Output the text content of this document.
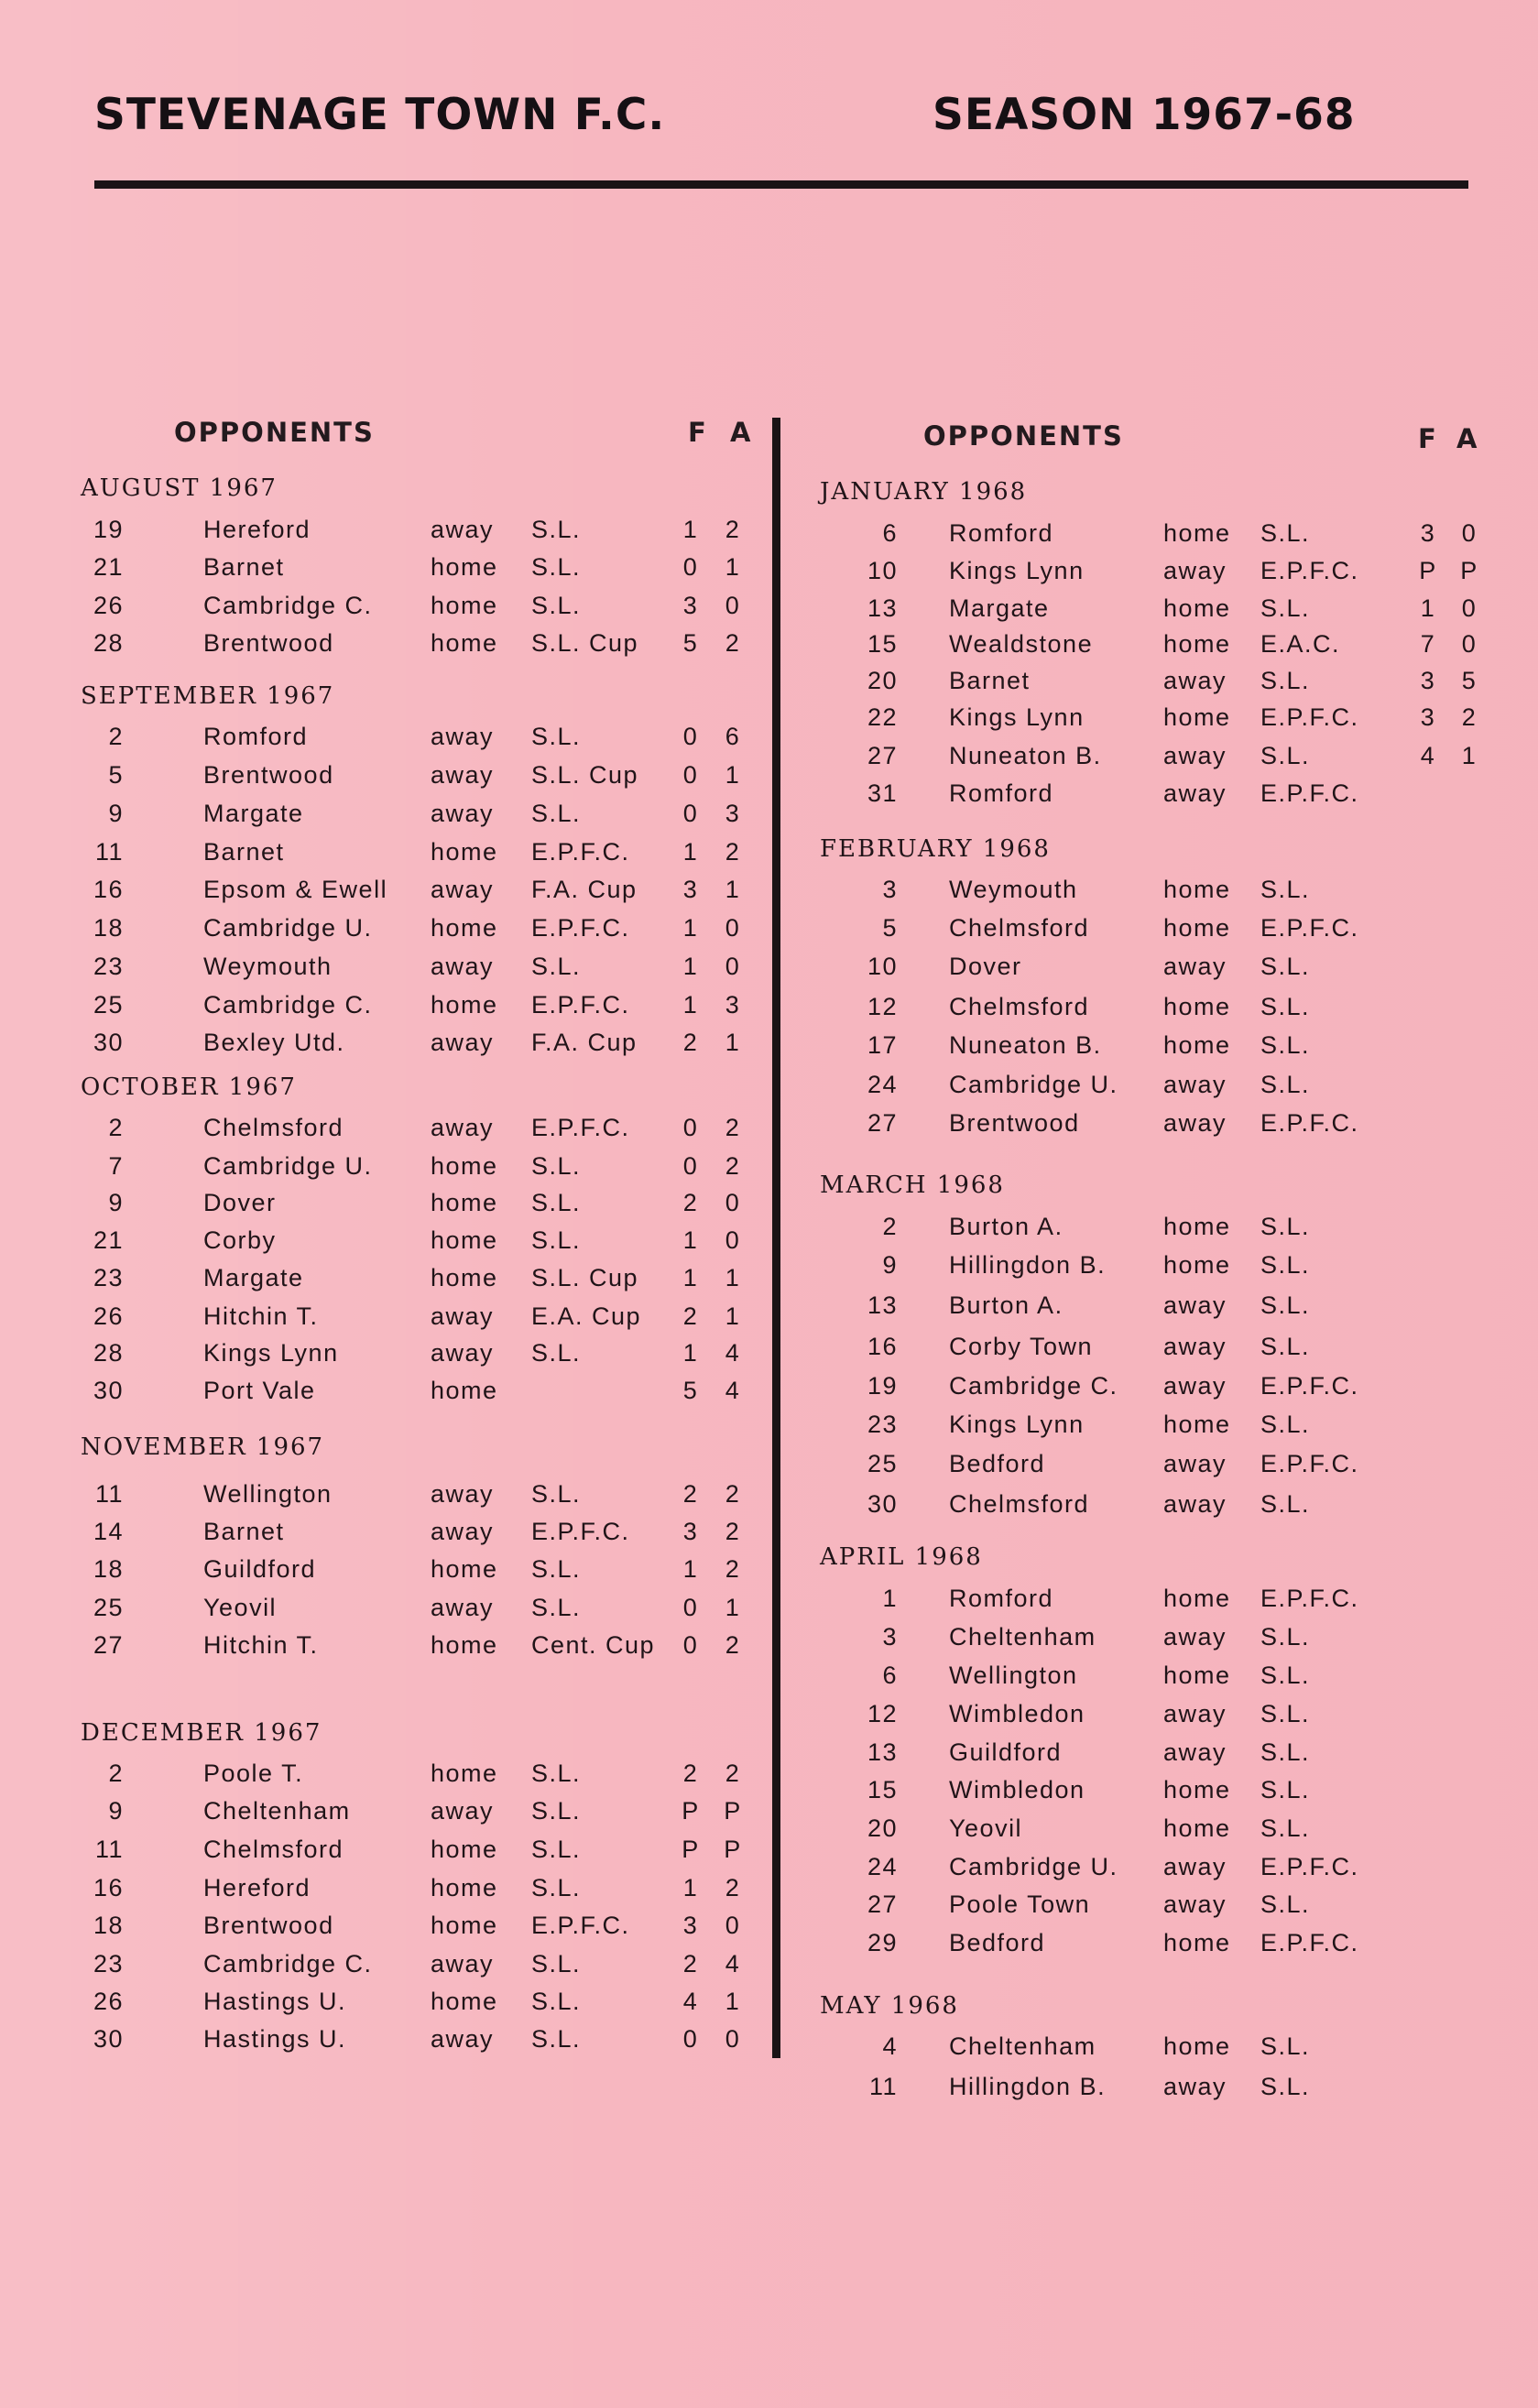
STEVENAGE TOWN F.C.	SEASON 1967-68
OPPONENTS	F A	OPPONENTS	F A
AUGUST 1967
19	Hereford	away S.L.	1 2
21	Barnet	home S.L.	0 1
26	Cambridge C. home S.L.	3 0
28	Brentwood	home S.L. Cup 5 2
SEPTEMBER 1967
2	Romford	away S.L.	0 6
5	Brentwood	away S.L. Cup 0 1
9	Margate	away S.L.	0 3
11	Barnet	home E.P.F.C. 1 2
16	Epsom & Ewell away F.A. Cup 3 1
18	Cambridge U. home E.P.F.C. 1 0
23	Weymouth	away S.L.	1 0
25	Cambridge C. home E.P.F.C. 1 3
30	Bexley Utd.	away F.A. Cup 2 1
OCTOBER 1967
2	Chelmsford	away E.P.F.C. 0 2
7	Cambridge U. home S.L.	0 2
9	Dover	home S.L.	2 0
21	Corby	home S.L.	1 0
23	Margate	home S.L. Cup 1 1
26	Hitchin T.	away E.A. Cup 2 1
28	Kings Lynn	away S.L.	1 4
30	Port Vale	home	5 4
NOVEMBER 1967
11	Wellington	away S.L.	2 2
14	Barnet	away E.P.F.C. 3 2
18	Guildford	home S.L.	1 2
25	Yeovil	away S.L.	0 1
27	Hitchin T.	home Cent. Cup 0 2
DECEMBER 1967
2	Poole T.	home S.L.	2 2
9	Cheltenham	away S.L.	P P
11	Chelmsford	home S.L.	P P
16	Hereford	home S.L.	1 2
18	Brentwood	home E.P.F.C. 3 0
23	Cambridge C. away S.L.	2 4
26	Hastings U.	home S.L.	4 1
30	Hastings U.	away S.L.	0 0
JANUARY 1968
6 Romford	home S.L.	3 0
10 Kings Lynn	away E.P.F.C. P P
13 Margate	home S.L.	1 0
15 Wealdstone	home E.A.C.	7 0
20 Barnet	away S.L.	3 5
22 Kings Lynn	home E.P.F.C. 3 2
27 Nuneaton B. away S.L.	4 1
31 Romford	away E.P.F.C.
FEBRUARY 1968
3 Weymouth	home S.L.
5 Chelmsford	home E.P.F.C.
10 Dover	away S.L.
12 Chelmsford	home S.L.
17 Nuneaton B. home S.L.
24 Cambridge U. away S.L.
27 Brentwood	away E.P.F.C.
MARCH 1968
2 Burton A.	home S.L.
9 Hillingdon B. home S.L.
13 Burton A.	away S.L.
16 Corby Town	away S.L.
19 Cambridge C. away E.P.F.C.
23 Kings Lynn	home S.L.
25 Bedford	away E.P.F.C.
30 Chelmsford	away S.L.
APRIL 1968
1 Romford	home E.P.F.C.
3 Cheltenham	away S.L.
6 Wellington	home S.L.
12 Wimbledon	away S.L.
13 Guildford	away S.L.
15 Wimbledon	home S.L.
20 Yeovil	home S.L.
24 Cambridge U. away E.P.F.C.
27 Poole Town	away S.L.
29 Bedford	home E.P.F.C.
MAY 1968
4 Cheltenham	home S.L.
11 Hillingdon B. away S.L.
